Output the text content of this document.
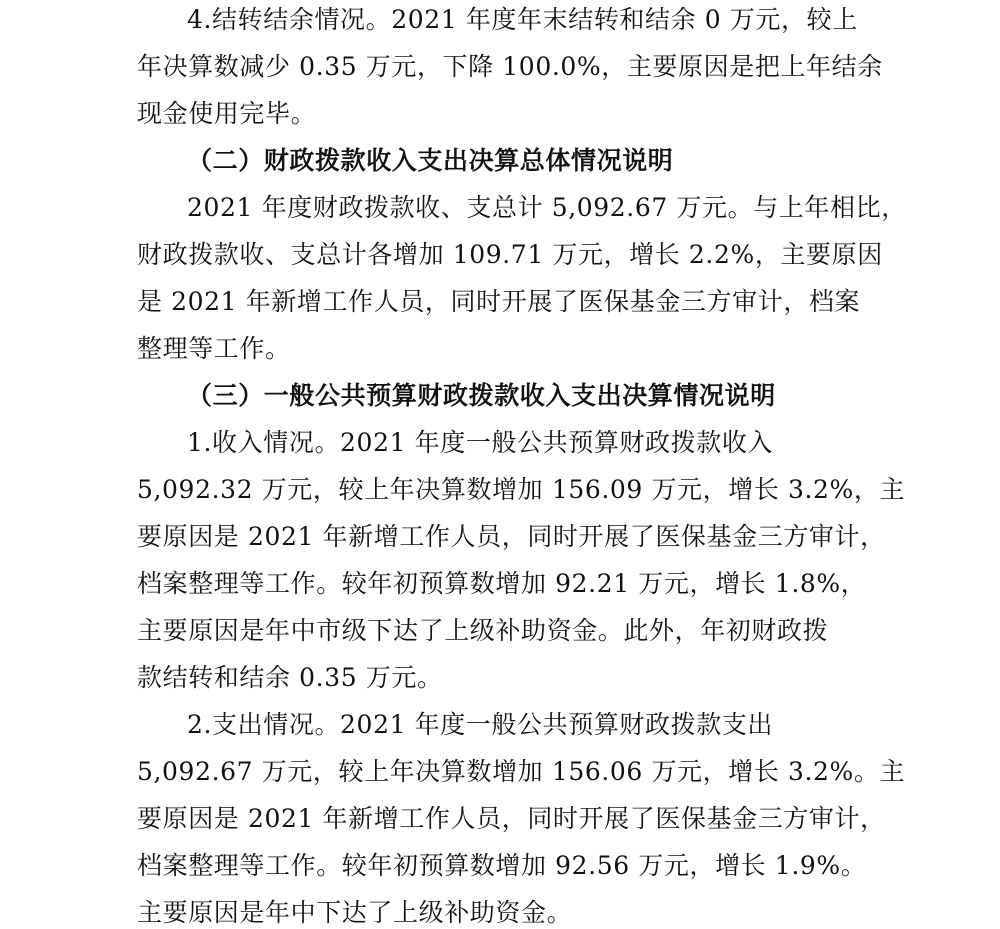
4.结转结余情况。2021 年度年末结转和结余 0 万元，较上
年决算数减少 0.35 万元，下降 100.0%，主要原因是把上年结余
现金使用完毕。
（二）财政拨款收入支出决算总体情况说明
2021 年度财政拨款收、支总计 5,092.67 万元。与上年相比，
财政拨款收、支总计各增加 109.71 万元，增长 2.2%，主要原因
是 2021 年新增工作人员，同时开展了医保基金三方审计，档案
整理等工作。
（三）一般公共预算财政拨款收入支出决算情况说明
1.收入情况。2021 年度一般公共预算财政拨款收入
5,092.32 万元，较上年决算数增加 156.09 万元，增长 3.2%，主
要原因是 2021 年新增工作人员，同时开展了医保基金三方审计，
档案整理等工作。较年初预算数增加 92.21 万元，增长 1.8%，
主要原因是年中市级下达了上级补助资金。此外，年初财政拨
款结转和结余 0.35 万元。
2.支出情况。2021 年度一般公共预算财政拨款支出
5,092.67 万元，较上年决算数增加 156.06 万元，增长 3.2%。主
要原因是 2021 年新增工作人员，同时开展了医保基金三方审计，
档案整理等工作。较年初预算数增加 92.56 万元，增长 1.9%。
主要原因是年中下达了上级补助资金。
